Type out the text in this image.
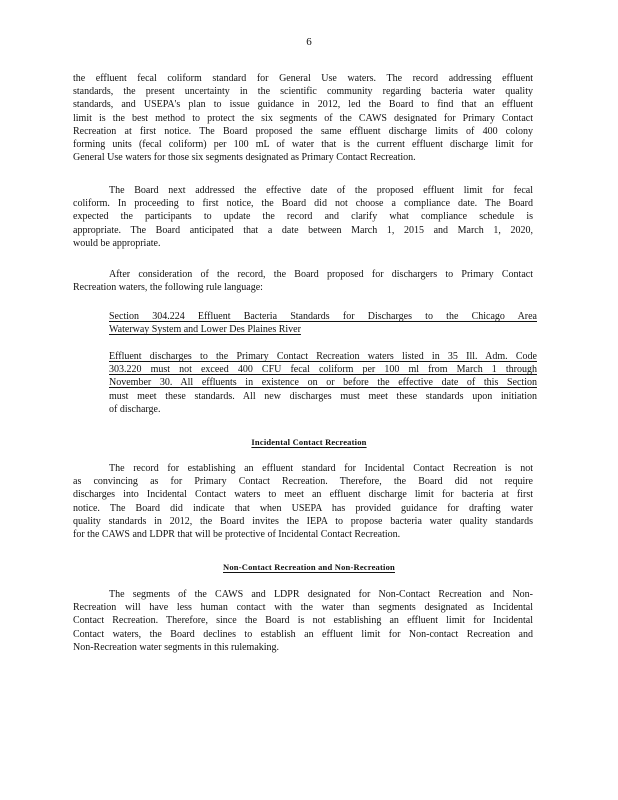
6
the effluent fecal coliform standard for General Use waters. The record addressing effluent
standards, the present uncertainty in the scientific community regarding bacteria water quality
standards, and USEPA's plan to issue guidance in 2012, led the Board to find that an effluent
limit is the best method to protect the six segments of the CAWS designated for Primary Contact
Recreation at first notice. The Board proposed the same effluent discharge limits of 400 colony
forming units (fecal coliform) per 100 mL of water that is the current effluent discharge limit for
General Use waters for those six segments designated as Primary Contact Recreation.
The Board next addressed the effective date of the proposed effluent limit for fecal
coliform. In proceeding to first notice, the Board did not choose a compliance date. The Board
expected the participants to update the record and clarify what compliance schedule is
appropriate. The Board anticipated that a date between March 1, 2015 and March 1, 2020,
would be appropriate.
After consideration of the record, the Board proposed for dischargers to Primary Contact
Recreation waters, the following rule language:
Section 304.224 Effluent Bacteria Standards for Discharges to the Chicago Area
Waterway System and Lower Des Plaines River
Effluent discharges to the Primary Contact Recreation waters listed in 35 Ill. Adm. Code
303.220 must not exceed 400 CFU fecal coliform per 100 ml from March 1 through
November 30. All effluents in existence on or before the effective date of this Section
must meet these standards. All new discharges must meet these standards upon initiation
of discharge.
Incidental Contact Recreation
The record for establishing an effluent standard for Incidental Contact Recreation is not
as convincing as for Primary Contact Recreation. Therefore, the Board did not require
discharges into Incidental Contact waters to meet an effluent discharge limit for bacteria at first
notice. The Board did indicate that when USEPA has provided guidance for drafting water
quality standards in 2012, the Board invites the IEPA to propose bacteria water quality standards
for the CAWS and LDPR that will be protective of Incidental Contact Recreation.
Non-Contact Recreation and Non-Recreation
The segments of the CAWS and LDPR designated for Non-Contact Recreation and Non-
Recreation will have less human contact with the water than segments designated as Incidental
Contact Recreation. Therefore, since the Board is not establishing an effluent limit for Incidental
Contact waters, the Board declines to establish an effluent limit for Non-contact Recreation and
Non-Recreation water segments in this rulemaking.
